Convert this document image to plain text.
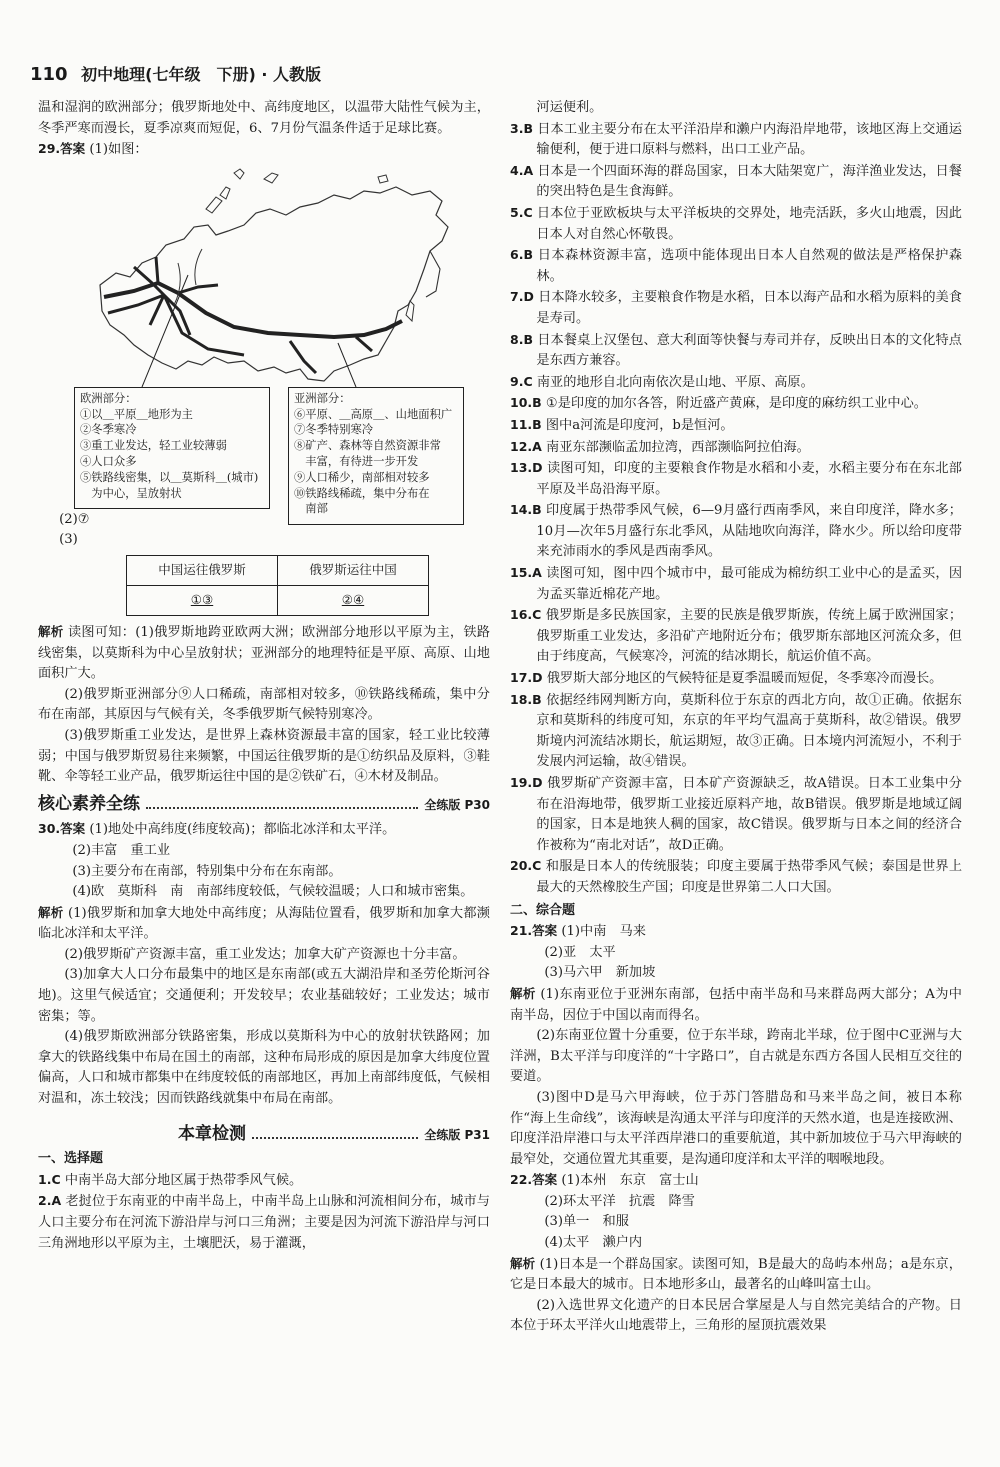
110 初中地理(七年级　下册) · 人教版

温和湿润的欧洲部分；俄罗斯地处中、高纬度地区，以温带大陆性气候为主，冬季严寒而漫长，夏季凉爽而短促，6、7月份气温条件适于足球比赛。

29.答案 (1)如图：

欧洲部分：
①以＿平原＿地形为主
②冬季寒冷
③重工业发达，轻工业较薄弱
④人口众多
⑤铁路线密集，以＿莫斯科＿(城市)
为中心，呈放射状
亚洲部分：
⑥平原、＿高原＿、山地面积广
⑦冬季特别寒冷
⑧矿产、森林等自然资源非常
丰富，有待进一步开发
⑨人口稀少，南部相对较多
⑩铁路线稀疏，集中分布在
南部

(2)⑦

(3)

中国运往俄罗斯	俄罗斯运往中国
①③	②④

解析 读图可知：(1)俄罗斯地跨亚欧两大洲；欧洲部分地形以平原为主，铁路线密集，以莫斯科为中心呈放射状；亚洲部分的地理特征是平原、高原、山地面积广大。

(2)俄罗斯亚洲部分⑨人口稀疏，南部相对较多，⑩铁路线稀疏，集中分布在南部，其原因与气候有关，冬季俄罗斯气候特别寒冷。

(3)俄罗斯重工业发达，是世界上森林资源最丰富的国家，轻工业比较薄弱；中国与俄罗斯贸易往来频繁，中国运往俄罗斯的是①纺织品及原料，③鞋靴、伞等轻工业产品，俄罗斯运往中国的是②铁矿石，④木材及制品。

核心素养全练	全练版 P30

30.答案 (1)地处中高纬度(纬度较高)；都临北冰洋和太平洋。

(2)丰富　重工业

(3)主要分布在南部，特别集中分布在东南部。

(4)欧　莫斯科　南　南部纬度较低，气候较温暖；人口和城市密集。

解析 (1)俄罗斯和加拿大地处中高纬度；从海陆位置看，俄罗斯和加拿大都濒临北冰洋和太平洋。

(2)俄罗斯矿产资源丰富，重工业发达；加拿大矿产资源也十分丰富。

(3)加拿大人口分布最集中的地区是东南部(或五大湖沿岸和圣劳伦斯河谷地)。这里气候适宜；交通便利；开发较早；农业基础较好；工业发达；城市密集；等。

(4)俄罗斯欧洲部分铁路密集，形成以莫斯科为中心的放射状铁路网；加拿大的铁路线集中布局在国土的南部，这种布局形成的原因是加拿大纬度位置偏高，人口和城市都集中在纬度较低的南部地区，再加上南部纬度低，气候相对温和，冻土较浅；因而铁路线就集中布局在南部。

本章检测	全练版 P31

一、选择题

1.C 中南半岛大部分地区属于热带季风气候。

2.A 老挝位于东南亚的中南半岛上，中南半岛上山脉和河流相间分布，城市与人口主要分布在河流下游沿岸与河口三角洲；主要是因为河流下游沿岸与河口三角洲地形以平原为主，土壤肥沃，易于灌溉，

河运便利。

3.B 日本工业主要分布在太平洋沿岸和濑户内海沿岸地带，该地区海上交通运输便利，便于进口原料与燃料，出口工业产品。

4.A 日本是一个四面环海的群岛国家，日本大陆架宽广，海洋渔业发达，日餐的突出特色是生食海鲜。

5.C 日本位于亚欧板块与太平洋板块的交界处，地壳活跃，多火山地震，因此日本人对自然心怀敬畏。

6.B 日本森林资源丰富，选项中能体现出日本人自然观的做法是严格保护森林。

7.D 日本降水较多，主要粮食作物是水稻，日本以海产品和水稻为原料的美食是寿司。

8.B 日本餐桌上汉堡包、意大利面等快餐与寿司并存，反映出日本的文化特点是东西方兼容。

9.C 南亚的地形自北向南依次是山地、平原、高原。

10.B ①是印度的加尔各答，附近盛产黄麻，是印度的麻纺织工业中心。

11.B 图中a河流是印度河，b是恒河。

12.A 南亚东部濒临孟加拉湾，西部濒临阿拉伯海。

13.D 读图可知，印度的主要粮食作物是水稻和小麦，水稻主要分布在东北部平原及半岛沿海平原。

14.B 印度属于热带季风气候，6—9月盛行西南季风，来自印度洋，降水多；10月—次年5月盛行东北季风，从陆地吹向海洋，降水少。所以给印度带来充沛雨水的季风是西南季风。

15.A 读图可知，图中四个城市中，最可能成为棉纺织工业中心的是孟买，因为孟买靠近棉花产地。

16.C 俄罗斯是多民族国家，主要的民族是俄罗斯族，传统上属于欧洲国家；俄罗斯重工业发达，多沿矿产地附近分布；俄罗斯东部地区河流众多，但由于纬度高，气候寒冷，河流的结冰期长，航运价值不高。

17.D 俄罗斯大部分地区的气候特征是夏季温暖而短促，冬季寒冷而漫长。

18.B 依据经纬网判断方向，莫斯科位于东京的西北方向，故①正确。依据东京和莫斯科的纬度可知，东京的年平均气温高于莫斯科，故②错误。俄罗斯境内河流结冰期长，航运期短，故③正确。日本境内河流短小，不利于发展内河运输，故④错误。

19.D 俄罗斯矿产资源丰富，日本矿产资源缺乏，故A错误。日本工业集中分布在沿海地带，俄罗斯工业接近原料产地，故B错误。俄罗斯是地域辽阔的国家，日本是地狭人稠的国家，故C错误。俄罗斯与日本之间的经济合作被称为“南北对话”，故D正确。

20.C 和服是日本人的传统服装；印度主要属于热带季风气候；泰国是世界上最大的天然橡胶生产国；印度是世界第二人口大国。

二、综合题

21.答案 (1)中南　马来

(2)亚　太平

(3)马六甲　新加坡

解析 (1)东南亚位于亚洲东南部，包括中南半岛和马来群岛两大部分；A为中南半岛，因位于中国以南而得名。

(2)东南亚位置十分重要，位于东半球，跨南北半球，位于图中C亚洲与大洋洲，B太平洋与印度洋的“十字路口”，自古就是东西方各国人民相互交往的要道。

(3)图中D是马六甲海峡，位于苏门答腊岛和马来半岛之间，被日本称作“海上生命线”，该海峡是沟通太平洋与印度洋的天然水道，也是连接欧洲、印度洋沿岸港口与太平洋西岸港口的重要航道，其中新加坡位于马六甲海峡的最窄处，交通位置尤其重要，是沟通印度洋和太平洋的咽喉地段。

22.答案 (1)本州　东京　富士山

(2)环太平洋　抗震　降雪

(3)单一　和服

(4)太平　濑户内

解析 (1)日本是一个群岛国家。读图可知，B是最大的岛屿本州岛；a是东京，它是日本最大的城市。日本地形多山，最著名的山峰叫富士山。

(2)入选世界文化遗产的日本民居合掌屋是人与自然完美结合的产物。日本位于环太平洋火山地震带上，三角形的屋顶抗震效果
